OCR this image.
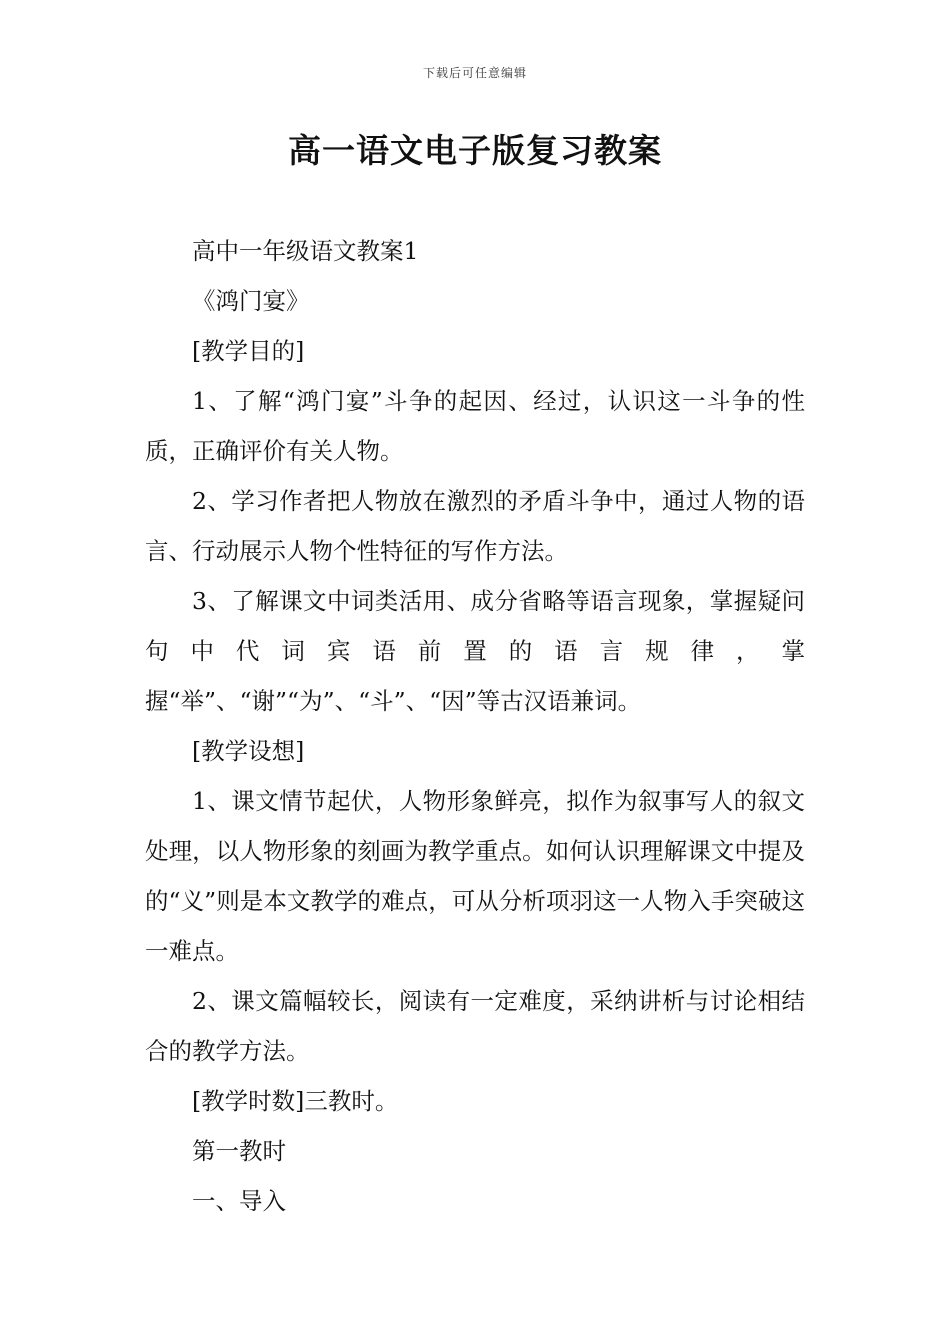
下载后可任意编辑
高一语文电子版复习教案

高中一年级语文教案1

《鸿门宴》

[教学目的]

1、了解“鸿门宴”斗争的起因、经过，认识这一斗争的性质，正确评价有关人物。

2、学习作者把人物放在激烈的矛盾斗争中，通过人物的语言、行动展示人物个性特征的写作方法。

3、了解课文中词类活用、成分省略等语言现象，掌握疑问句中代词宾语前置的语言规律，掌握“举”、“谢”“为”、“斗”、“因”等古汉语兼词。

[教学设想]

1、课文情节起伏，人物形象鲜亮，拟作为叙事写人的叙文处理，以人物形象的刻画为教学重点。如何认识理解课文中提及的“义”则是本文教学的难点，可从分析项羽这一人物入手突破这一难点。

2、课文篇幅较长，阅读有一定难度，采纳讲析与讨论相结合的教学方法。

[教学时数]三教时。

第一教时

一、导入
